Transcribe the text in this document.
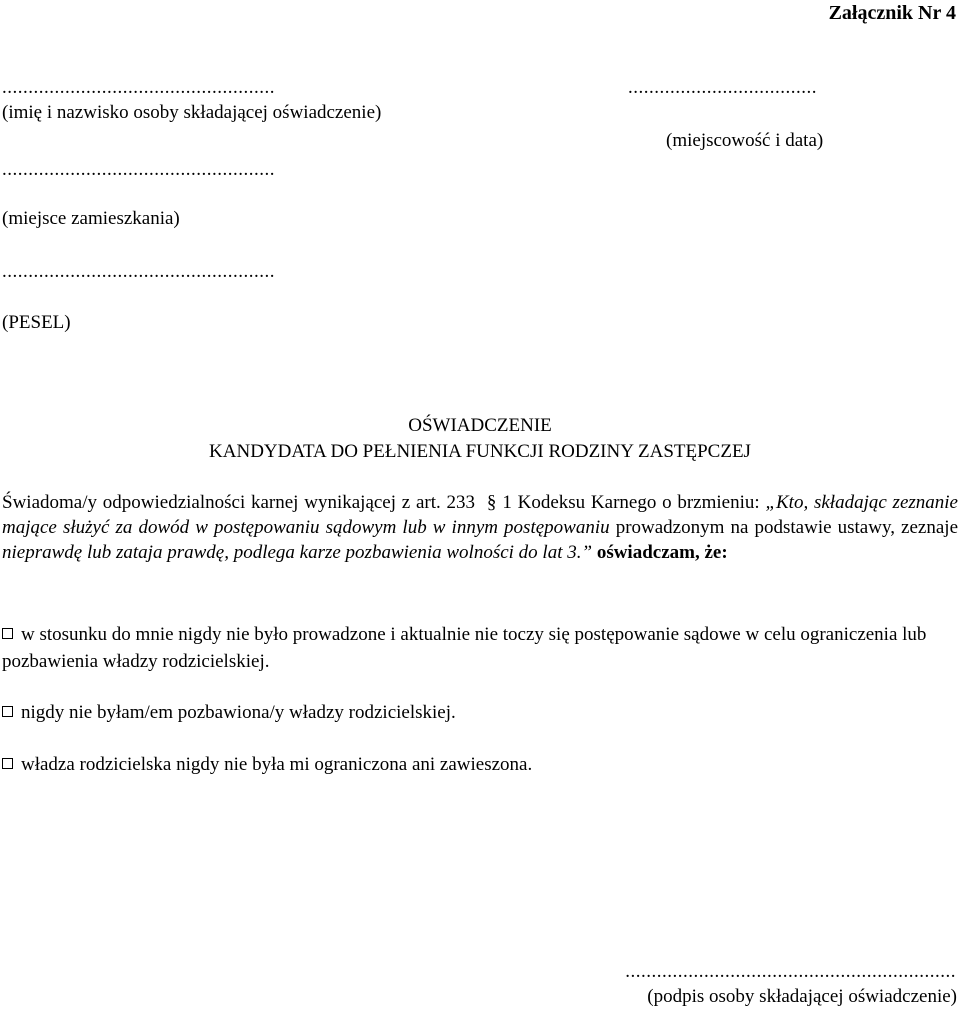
Załącznik Nr 4
....................................................
(imię i nazwisko osoby składającej oświadczenie)
....................................
(miejscowość i data)
....................................................
(miejsce zamieszkania)
....................................................
(PESEL)
OŚWIADCZENIE
KANDYDATA DO PEŁNIENIA FUNKCJI RODZINY ZASTĘPCZEJ
Świadoma/y odpowiedzialności karnej wynikającej z art. 233 § 1 Kodeksu Karnego o brzmieniu: „Kto, składając zeznanie mające służyć za dowód w postępowaniu sądowym lub w innym postępowaniu prowadzonym na podstawie ustawy, zeznaje nieprawdę lub zataja prawdę, podlega karze pozbawienia wolności do lat 3.” oświadczam, że:
w stosunku do mnie nigdy nie było prowadzone i aktualnie nie toczy się postępowanie sądowe w celu ograniczenia lub pozbawienia władzy rodzicielskiej.
nigdy nie byłam/em pozbawiona/y władzy rodzicielskiej.
władza rodzicielska nigdy nie była mi ograniczona ani zawieszona.
...............................................................
(podpis osoby składającej oświadczenie)
